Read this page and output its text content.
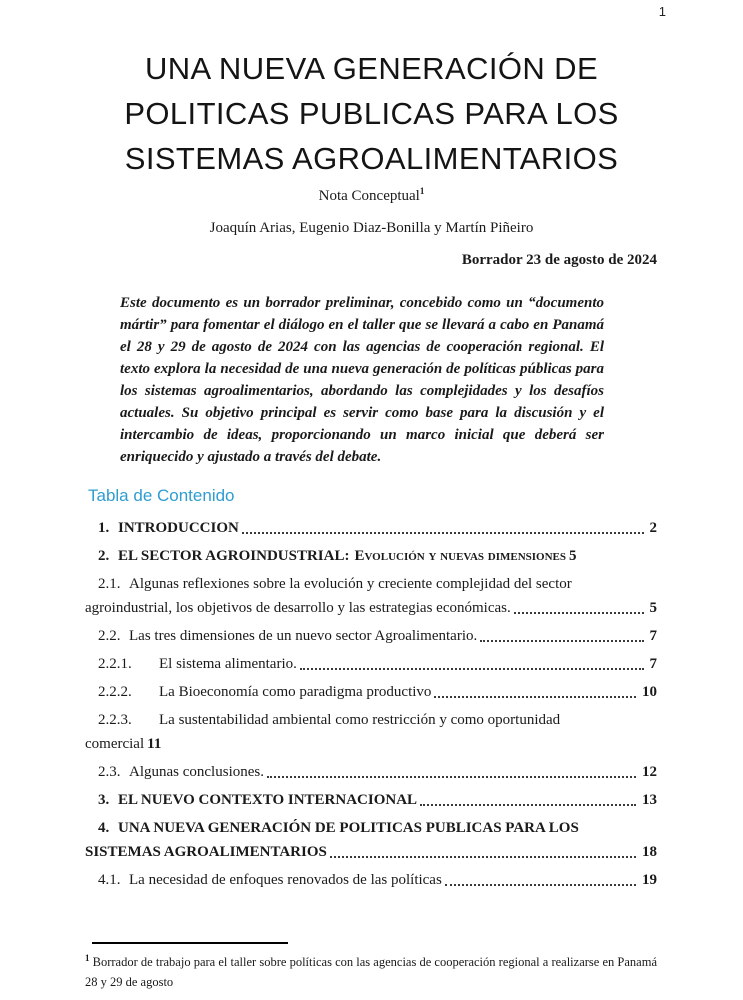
1
UNA NUEVA GENERACIÓN DE
POLITICAS PUBLICAS PARA LOS
SISTEMAS AGROALIMENTARIOS
Nota Conceptual$^1$
Joaquín Arias, Eugenio Diaz-Bonilla y Martín Piñeiro
Borrador 23 de agosto de 2024
Este documento es un borrador preliminar, concebido como un “documento mártir” para fomentar el diálogo en el taller que se llevará a cabo en Panamá el 28 y 29 de agosto de 2024 con las agencias de cooperación regional. El texto explora la necesidad de una nueva generación de políticas públicas para los sistemas agroalimentarios, abordando las complejidades y los desafíos actuales. Su objetivo principal es servir como base para la discusión y el intercambio de ideas, proporcionando un marco inicial que deberá ser enriquecido y ajustado a través del debate.
Tabla de Contenido
1. INTRODUCCION	2
2. EL SECTOR AGROINDUSTRIAL: Evolución y nuevas dimensiones 5
2.1. Algunas reflexiones sobre la evolución y creciente complejidad del sector
agroindustrial, los objetivos de desarrollo y las estrategias económicas.	5
2.2. Las tres dimensiones de un nuevo sector Agroalimentario.	7
2.2.1.	El sistema alimentario.	7
2.2.2.	La Bioeconomía como paradigma productivo	10
2.2.3.	La sustentabilidad ambiental como restricción y como oportunidad
comercial 11
2.3. Algunas conclusiones.	12
3. EL NUEVO CONTEXTO INTERNACIONAL	13
4. UNA NUEVA GENERACIÓN DE POLITICAS PUBLICAS PARA LOS
SISTEMAS AGROALIMENTARIOS	18
4.1. La necesidad de enfoques renovados de las políticas	19
$^1$ Borrador de trabajo para el taller sobre políticas con las agencias de cooperación regional a realizarse en Panamá 28 y 29 de agosto
